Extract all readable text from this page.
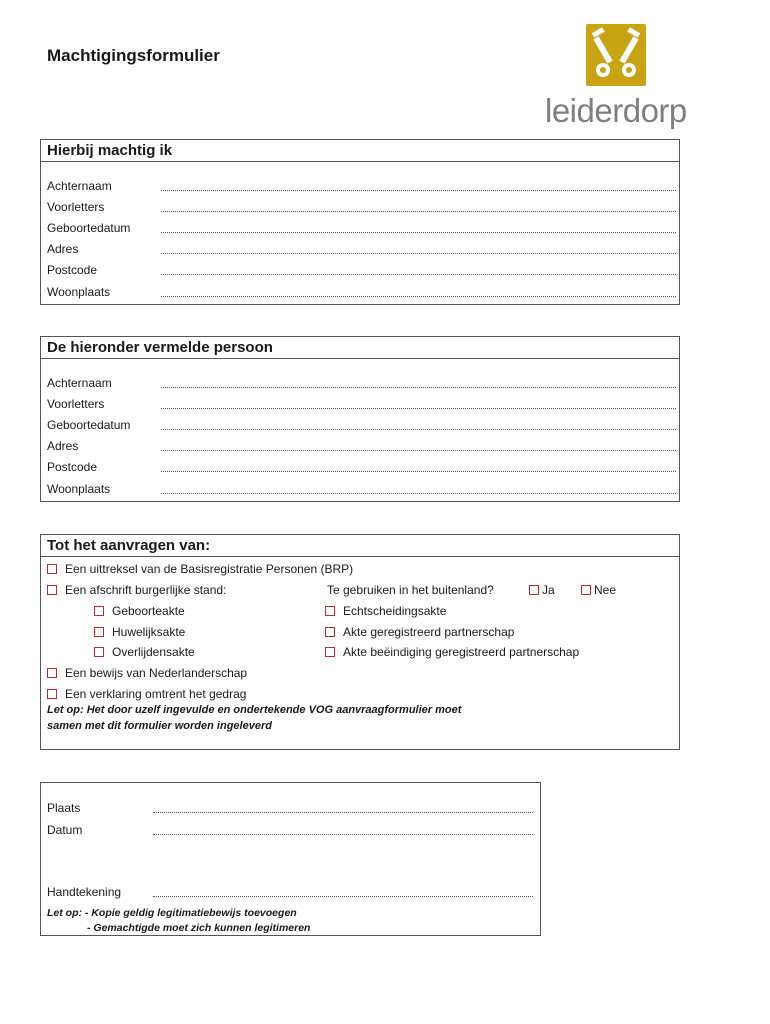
Machtigingsformulier
leiderdorp
Hierbij machtig ik
Achternaam
Voorletters
Geboortedatum
Adres
Postcode
Woonplaats
De hieronder vermelde persoon
Achternaam
Voorletters
Geboortedatum
Adres
Postcode
Woonplaats
Tot het aanvragen van:
Een uittreksel van de Basisregistratie Personen (BRP)
Een afschrift burgerlijke stand:	Te gebruiken in het buitenland?	Ja	Nee
Geboorteakte	Echtscheidingsakte
Huwelijksakte	Akte geregistreerd partnerschap
Overlijdensakte	Akte beëindiging geregistreerd partnerschap
Een bewijs van Nederlanderschap
Een verklaring omtrent het gedrag
Let op: Het door uzelf ingevulde en ondertekende VOG aanvraagformulier moet
samen met dit formulier worden ingeleverd
Plaats
Datum
Handtekening
Let op: - Kopie geldig legitimatiebewijs toevoegen
- Gemachtigde moet zich kunnen legitimeren
